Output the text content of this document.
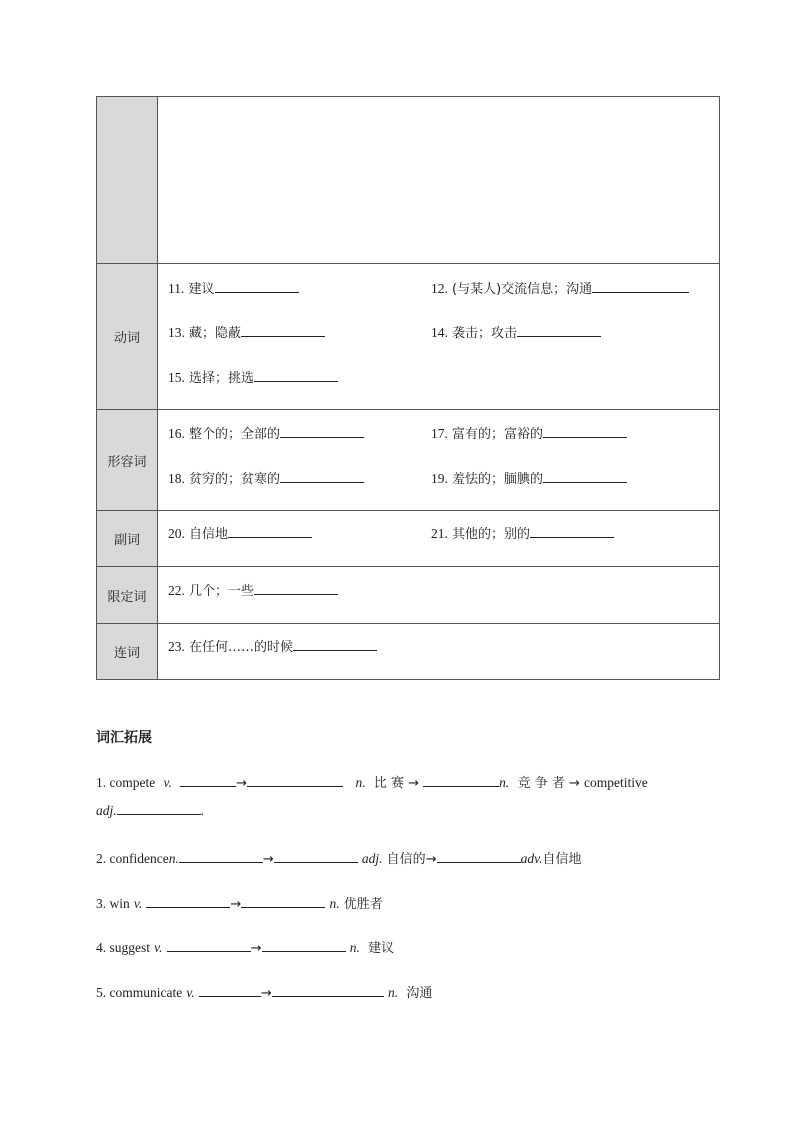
动词	11. 建议 12. (与某人)交流信息；沟通
13. 藏；隐蔽 14. 袭击；攻击
15. 选择；挑选

形容词	16. 整个的；全部的 17. 富有的；富裕的
18. 贫穷的；贫寒的 19. 羞怯的；腼腆的

副词	20. 自信地 21. 其他的；别的

限定词	22. 几个；一些

连词	23. 在任何……的时候
词汇拓展
1. compete v.	→	n. 比 赛 →	n. 竞 争 者 → competitive
adj.	.
2. confidencen.	→	adj. 自信的→	adv.自信地
3. win v.	→	n. 优胜者
4. suggest v.	→	n. 建议
5. communicate v.	→	n. 沟通
